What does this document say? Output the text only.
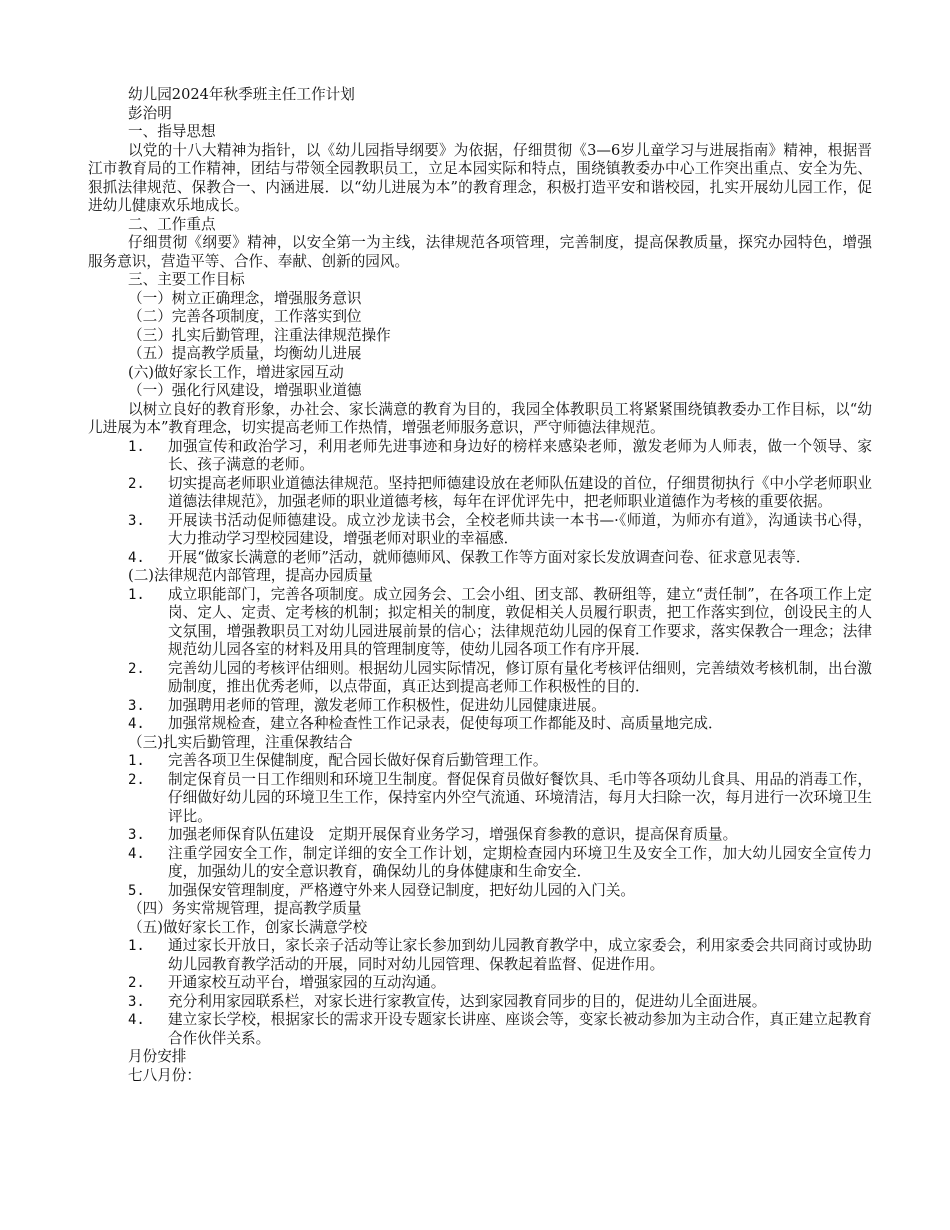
幼儿园2024年秋季班主任工作计划
彭治明
一、指导思想
以党的十八大精神为指针，以《幼儿园指导纲要》为依据，仔细贯彻《3—6岁儿童学习与进展指南》精神，根据晋江市教育局的工作精神，团结与带领全园教职员工，立足本园实际和特点，围绕镇教委办中心工作突出重点、安全为先、狠抓法律规范、保教合一、内涵进展．以“幼儿进展为本”的教育理念，积极打造平安和谐校园，扎实开展幼儿园工作，促进幼儿健康欢乐地成长。
二、工作重点
仔细贯彻《纲要》精神，以安全第一为主线，法律规范各项管理，完善制度，提高保教质量，探究办园特色，增强服务意识，营造平等、合作、奉献、创新的园风。
三、主要工作目标
（一）树立正确理念，增强服务意识
（二）完善各项制度，工作落实到位
（三）扎实后勤管理，注重法律规范操作
（五）提高教学质量，均衡幼儿进展
(六)做好家长工作，增进家园互动
（一）强化行风建设，增强职业道德
以树立良好的教育形象，办社会、家长满意的教育为目的，我园全体教职员工将紧紧围绕镇教委办工作目标，以“幼儿进展为本”教育理念，切实提高老师工作热情，增强老师服务意识，严守师德法律规范。
1. 加强宣传和政治学习，利用老师先进事迹和身边好的榜样来感染老师，激发老师为人师表，做一个领导、家长、孩子满意的老师。
2. 切实提高老师职业道德法律规范。坚持把师德建设放在老师队伍建设的首位，仔细贯彻执行《中小学老师职业道德法律规范》，加强老师的职业道德考核，每年在评优评先中，把老师职业道德作为考核的重要依据。
3. 开展读书活动促师德建设。成立沙龙读书会，全校老师共读一本书—·《师道，为师亦有道》，沟通读书心得，大力推动学习型校园建设，增强老师对职业的幸福感．
4. 开展“做家长满意的老师”活动，就师德师风、保教工作等方面对家长发放调查问卷、征求意见表等．
(二)法律规范内部管理，提高办园质量
1. 成立职能部门，完善各项制度。成立园务会、工会小组、团支部、教研组等，建立“责任制”，在各项工作上定岗、定人、定责、定考核的机制；拟定相关的制度，敦促相关人员履行职责，把工作落实到位，创设民主的人文氛围，增强教职员工对幼儿园进展前景的信心；法律规范幼儿园的保育工作要求，落实保教合一理念；法律规范幼儿园各室的材料及用具的管理制度等，使幼儿园各项工作有序开展．
2. 完善幼儿园的考核评估细则。根据幼儿园实际情况，修订原有量化考核评估细则，完善绩效考核机制，出台激励制度，推出优秀老师，以点带面，真正达到提高老师工作积极性的目的．
3. 加强聘用老师的管理，激发老师工作积极性，促进幼儿园健康进展。
4. 加强常规检查，建立各种检查性工作记录表，促使每项工作都能及时、高质量地完成．
（三)扎实后勤管理，注重保教结合
1. 完善各项卫生保健制度，配合园长做好保育后勤管理工作。
2. 制定保育员一日工作细则和环境卫生制度。督促保育员做好餐饮具、毛巾等各项幼儿食具、用品的消毒工作，仔细做好幼儿园的环境卫生工作，保持室内外空气流通、环境清洁，每月大扫除一次，每月进行一次环境卫生评比。
3. 加强老师保育队伍建设　定期开展保育业务学习，增强保育参教的意识，提高保育质量。
4. 注重学园安全工作，制定详细的安全工作计划，定期检查园内环境卫生及安全工作，加大幼儿园安全宣传力度，加强幼儿的安全意识教育，确保幼儿的身体健康和生命安全．
5. 加强保安管理制度，严格遵守外来人园登记制度，把好幼儿园的入门关。
（四）务实常规管理，提高教学质量
（五)做好家长工作，创家长满意学校
1. 通过家长开放日，家长亲子活动等让家长参加到幼儿园教育教学中，成立家委会，利用家委会共同商讨或协助幼儿园教育教学活动的开展，同时对幼儿园管理、保教起着监督、促进作用。
2. 开通家校互动平台，增强家园的互动沟通。
3. 充分利用家园联系栏，对家长进行家教宣传，达到家园教育同步的目的，促进幼儿全面进展。
4. 建立家长学校，根据家长的需求开设专题家长讲座、座谈会等，变家长被动参加为主动合作，真正建立起教育合作伙伴关系。
月份安排
七八月份：
